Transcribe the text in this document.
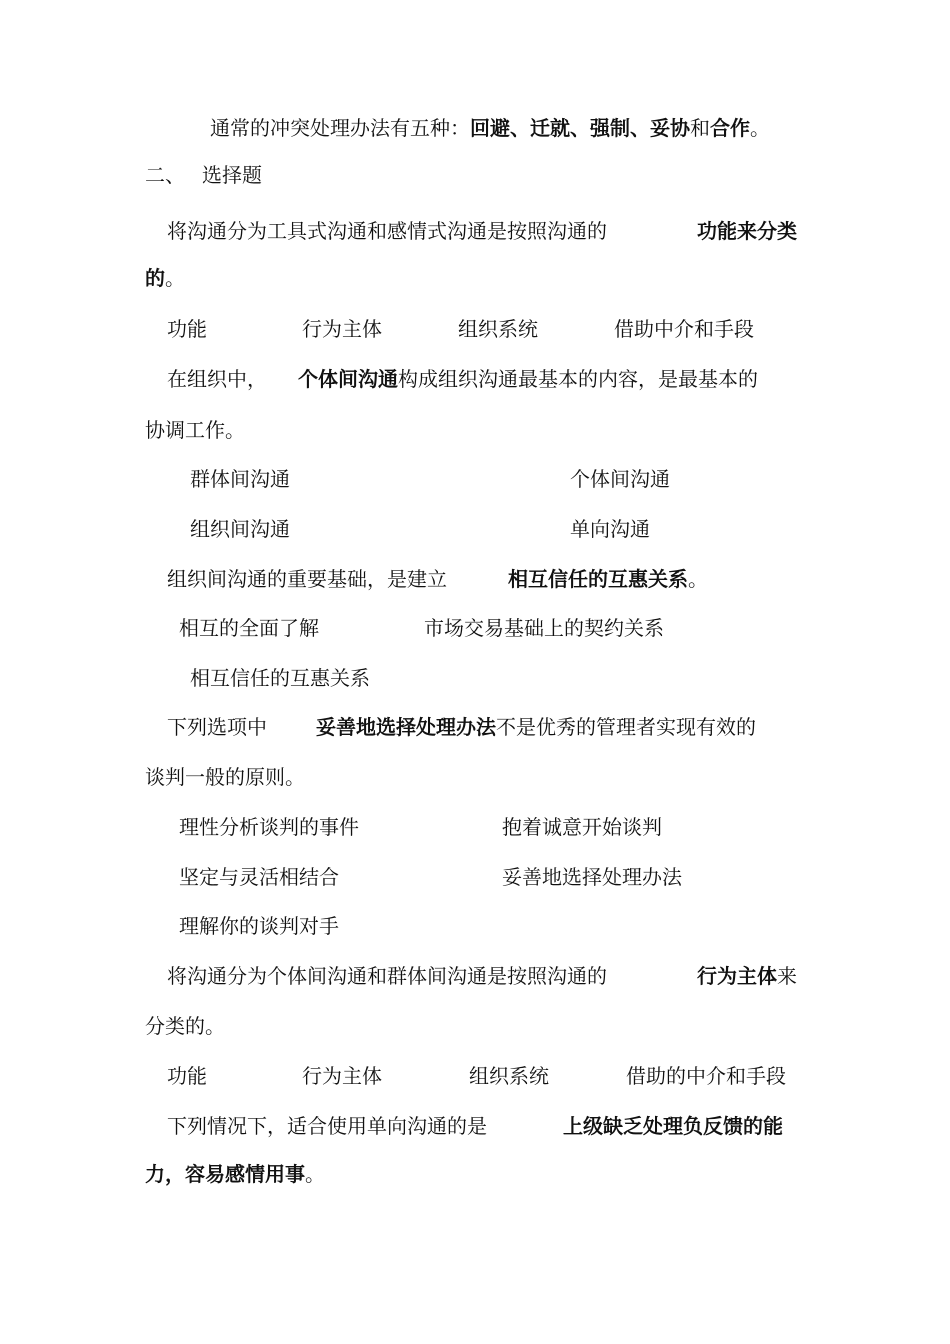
通常的冲突处理办法有五种：回避、迁就、强制、妥协和合作。
二、 选择题
将沟通分为工具式沟通和感情式沟通是按照沟通的	功能来分类
的。
功能	行为主体	组织系统	借助中介和手段
在组织中， 个体间沟通构成组织沟通最基本的内容，是最基本的
协调工作。
群体间沟通	个体间沟通
组织间沟通	单向沟通
组织间沟通的重要基础，是建立	相互信任的互惠关系。
相互的全面了解	市场交易基础上的契约关系
相互信任的互惠关系
下列选项中 妥善地选择处理办法不是优秀的管理者实现有效的
谈判一般的原则。
理性分析谈判的事件	抱着诚意开始谈判
坚定与灵活相结合	妥善地选择处理办法
理解你的谈判对手
将沟通分为个体间沟通和群体间沟通是按照沟通的	行为主体来
分类的。
功能	行为主体	组织系统	借助的中介和手段
下列情况下，适合使用单向沟通的是	上级缺乏处理负反馈的能
力，容易感情用事。
